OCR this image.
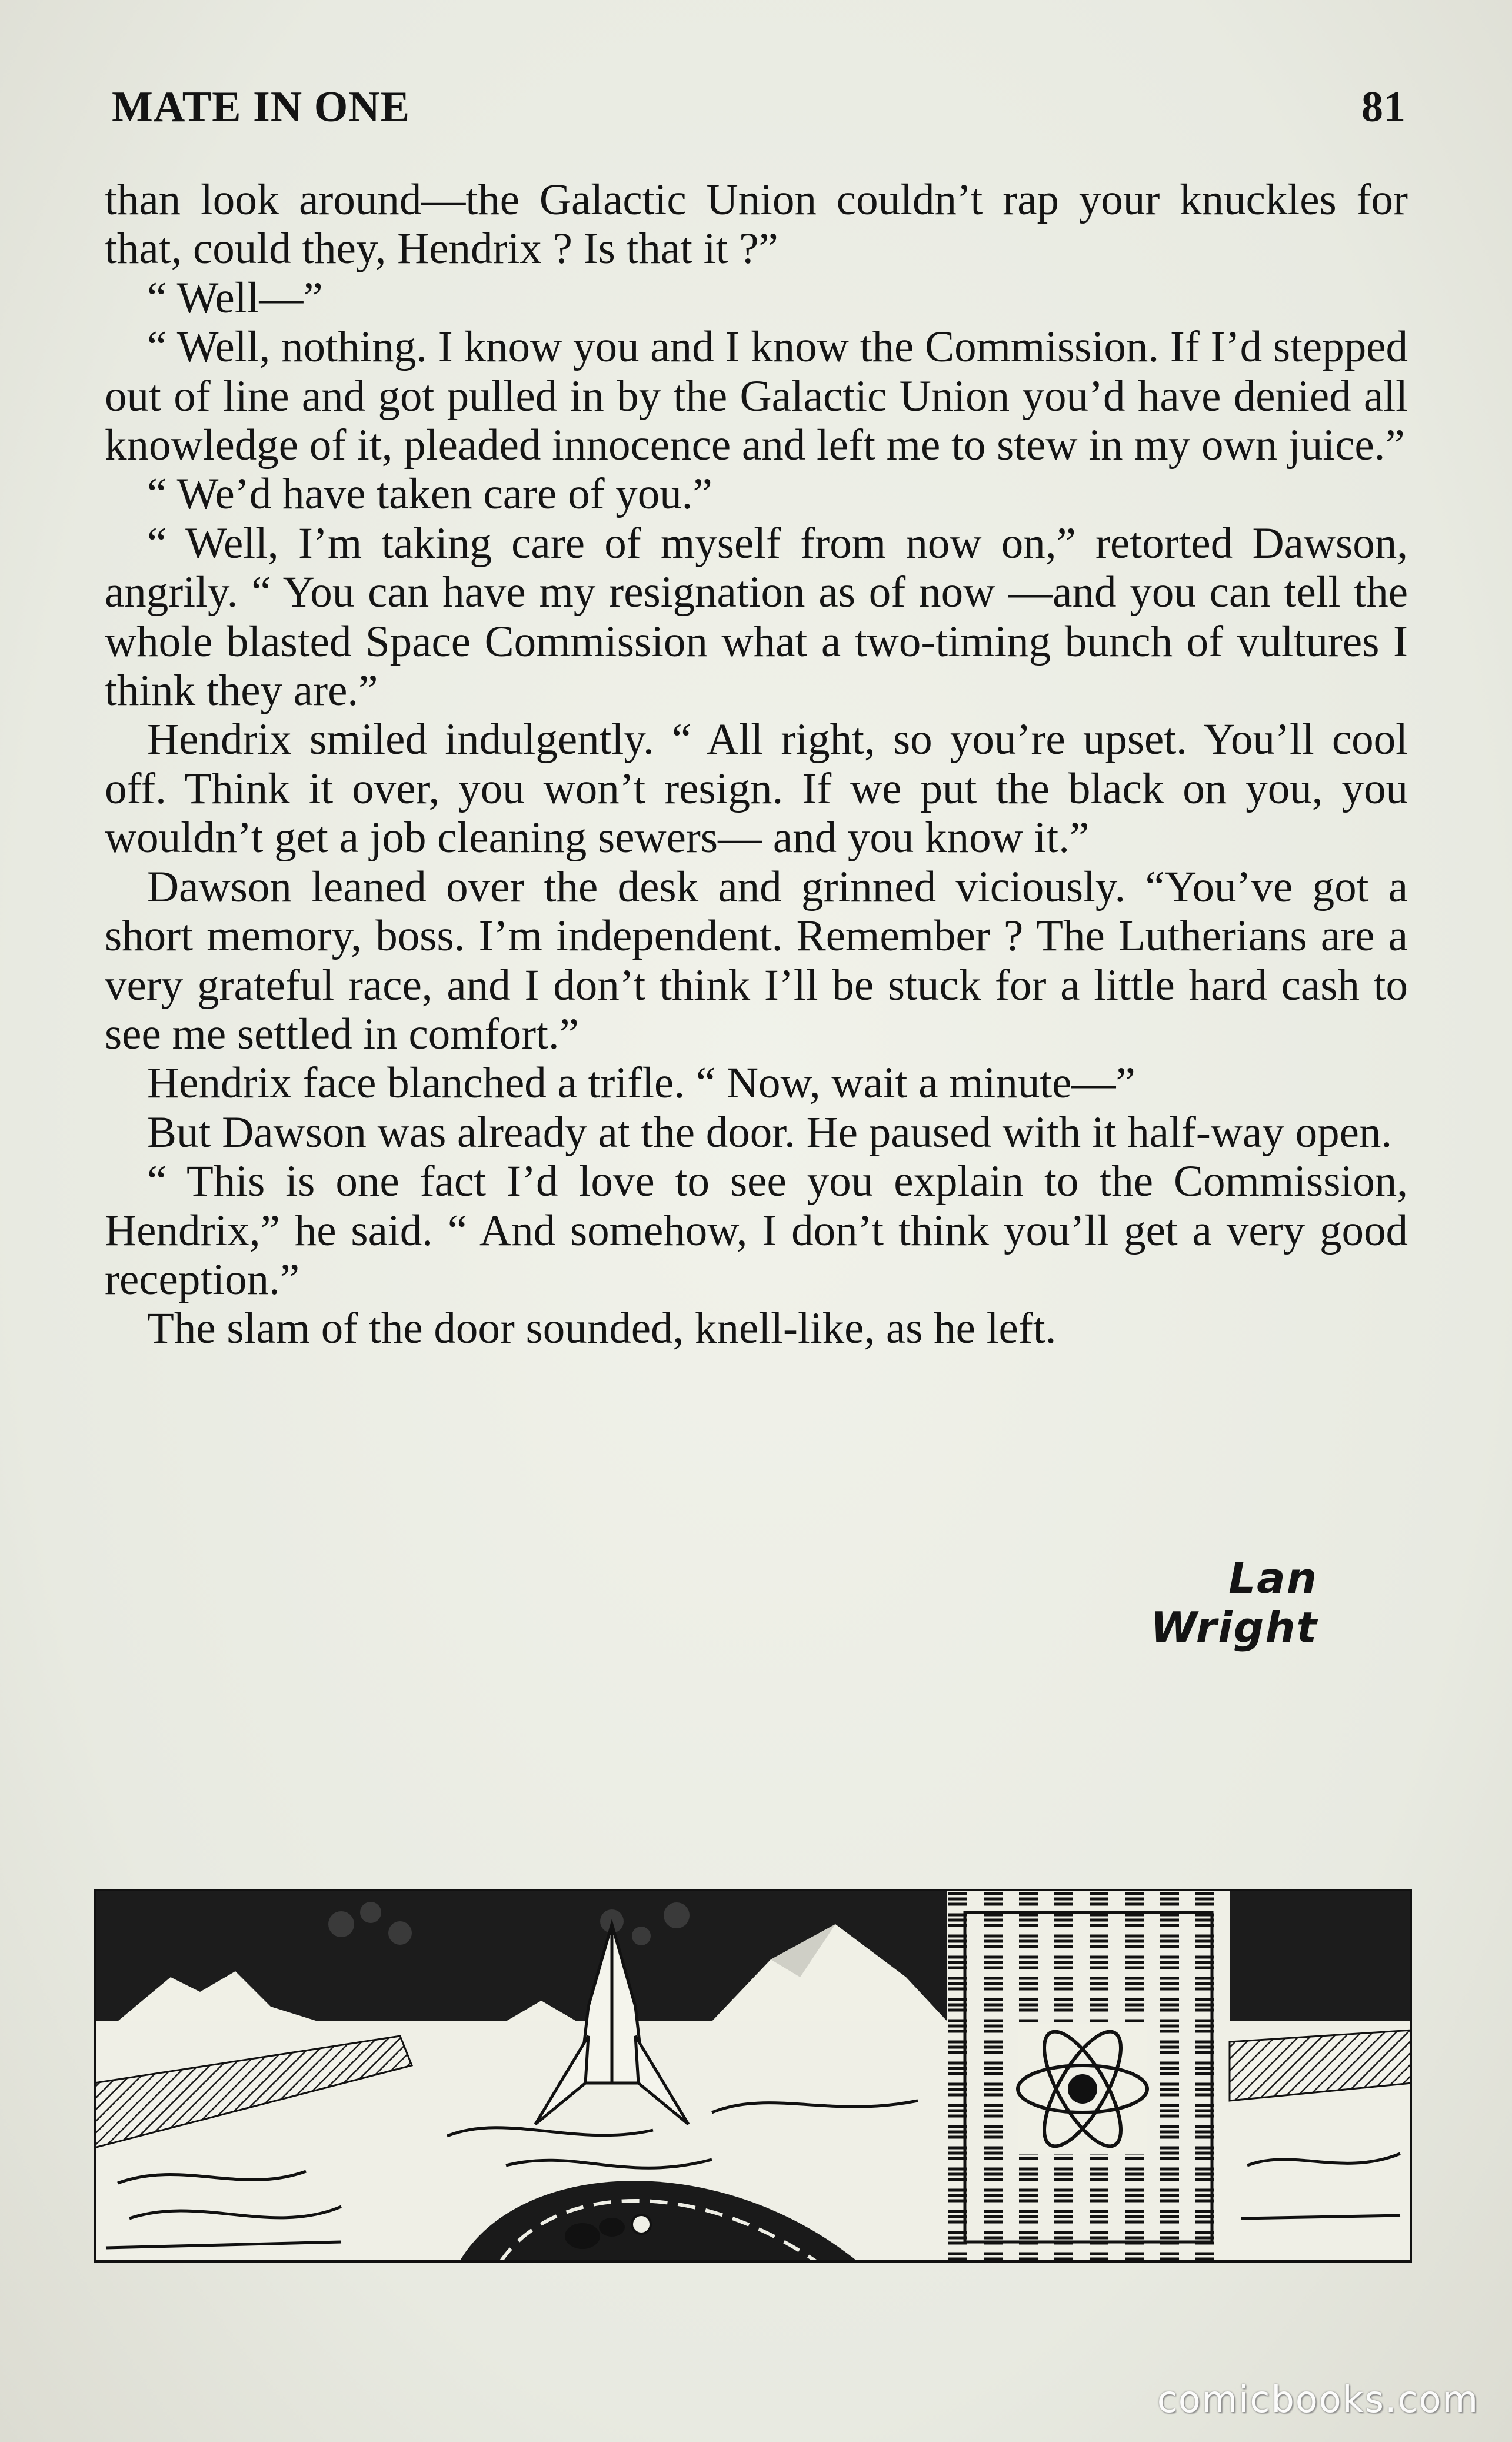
MATE IN ONE	81

than look around—the Galactic Union couldn’t rap your knuckles for that, could they, Hendrix ? Is that it ?”

“ Well—”

“ Well, nothing. I know you and I know the Commission. If I’d stepped out of line and got pulled in by the Galactic Union you’d have denied all knowledge of it, pleaded innocence and left me to stew in my own juice.”

“ We’d have taken care of you.”

“ Well, I’m taking care of myself from now on,” retorted Dawson, angrily. “ You can have my resignation as of now —and you can tell the whole blasted Space Commission what a two-timing bunch of vultures I think they are.”

Hendrix smiled indulgently. “ All right, so you’re upset. You’ll cool off. Think it over, you won’t resign. If we put the black on you, you wouldn’t get a job cleaning sewers— and you know it.”

Dawson leaned over the desk and grinned viciously. “You’ve got a short memory, boss. I’m independent. Remember ? The Lutherians are a very grateful race, and I don’t think I’ll be stuck for a little hard cash to see me settled in comfort.”

Hendrix face blanched a trifle. “ Now, wait a minute—”

But Dawson was already at the door. He paused with it half-way open.

“ This is one fact I’d love to see you explain to the Commission, Hendrix,” he said. “ And somehow, I don’t think you’ll get a very good reception.”

The slam of the door sounded, knell-like, as he left.

Lan Wright
comicbooks.com
